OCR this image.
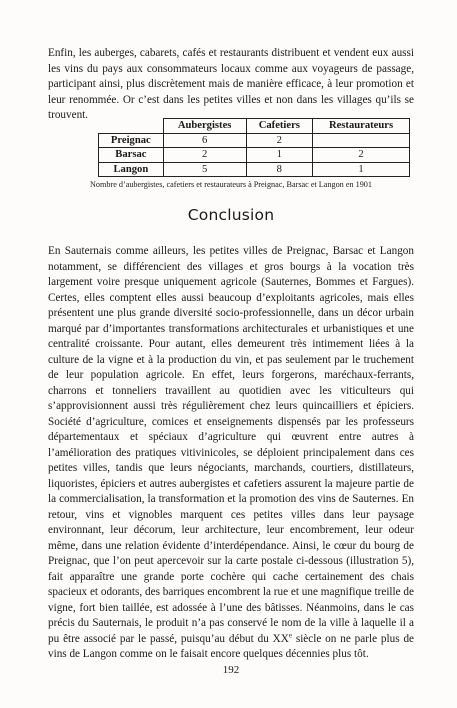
Enfin, les auberges, cabarets, cafés et restaurants distribuent et vendent eux aussi les vins du pays aux consommateurs locaux comme aux voyageurs de passage, participant ainsi, plus discrètement mais de manière efficace, à leur promotion et leur renommée. Or c’est dans les petites villes et non dans les villages qu’ils se trouvent.

	Aubergistes	Cafetiers	Restaurateurs
Preignac	6	2	
Barsac	2	1	2
Langon	5	8	1

Nombre d’aubergistes, cafetiers et restaurateurs à Preignac, Barsac et Langon en 1901

Conclusion

En Sauternais comme ailleurs, les petites villes de Preignac, Barsac et Langon notamment, se différencient des villages et gros bourgs à la vocation très largement voire presque uniquement agricole (Sauternes, Bommes et Fargues). Certes, elles comptent elles aussi beaucoup d’exploitants agricoles, mais elles présentent une plus grande diversité socio-professionnelle, dans un décor urbain marqué par d’importantes transformations architecturales et urbanistiques et une centralité croissante. Pour autant, elles demeurent très intimement liées à la culture de la vigne et à la production du vin, et pas seulement par le truchement de leur population agricole. En effet, leurs forgerons, maréchaux-ferrants, charrons et tonneliers travaillent au quotidien avec les viticulteurs qui s’approvisionnent aussi très régulièrement chez leurs quincailliers et épiciers. Société d’agriculture, comices et enseignements dispensés par les professeurs départementaux et spéciaux d’agriculture qui œuvrent entre autres à l’amélioration des pratiques vitivinicoles, se déploient principalement dans ces petites villes, tandis que leurs négociants, marchands, courtiers, distillateurs, liquoristes, épiciers et autres aubergistes et cafetiers assurent la majeure partie de la commercialisation, la transformation et la promotion des vins de Sauternes. En retour, vins et vignobles marquent ces petites villes dans leur paysage environnant, leur décorum, leur architecture, leur encombrement, leur odeur même, dans une relation évidente d’interdépendance. Ainsi, le cœur du bourg de Preignac, que l’on peut apercevoir sur la carte postale ci-dessous (illustration 5), fait apparaître une grande porte cochère qui cache certainement des chais spacieux et odorants, des barriques encombrent la rue et une magnifique treille de vigne, fort bien taillée, est adossée à l’une des bâtisses. Néanmoins, dans le cas précis du Sauternais, le produit n’a pas conservé le nom de la ville à laquelle il a pu être associé par le passé, puisqu’au début du XXe siècle on ne parle plus de vins de Langon comme on le faisait encore quelques décennies plus tôt.

192
